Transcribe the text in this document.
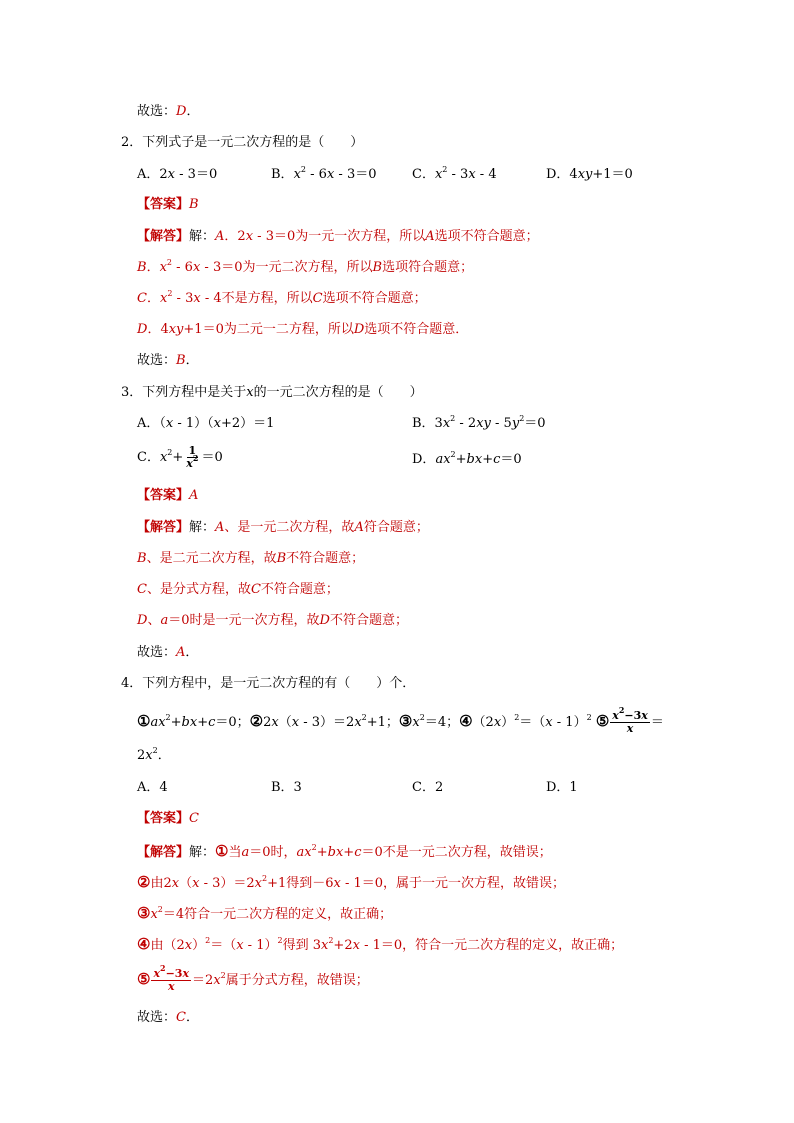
故选：D．
2．下列式子是一元二次方程的是（　　）
A．2x - 3＝0	B．$x^2 - 6x - 3=0$	C．$x^2 - 3x - 4$	D．4xy+1＝0
【答案】B
【解答】解：A．2x - 3＝0为一元一次方程，所以A选项不符合题意；
B．$x^2 - 6x - 3=0$为一元二次方程，所以B选项符合题意；
C．$x^2 - 3x - 4$不是方程，所以C选项不符合题意；
D．4xy+1＝0为二元一二方程，所以D选项不符合题意．
故选：B．
3．下列方程中是关于x的一元二次方程的是（　　）
A．（x - 1）（x+2）＝1	B．$3x^2 - 2xy - 5y^2=0$
C．$x^2+ \frac{1}{x^2} =0$	D．$ax^2+bx+c=0$
【答案】A
【解答】解：A、是一元二次方程，故A符合题意；
B、是二元二次方程，故B不符合题意；
C、是分式方程，故C不符合题意；
D、a＝0时是一元一次方程，故D不符合题意；
故选：A．
4．下列方程中，是一元二次方程的有（　　）个．
$①ax^2+bx+c=0$；②2x（x - $3)=2x^2+1$；$③x^2=4$；$④(2x)^2=(x - 1)^2$ ⑤ $\frac{x^2-3x}{x}$ ＝
$2x^2$．
A．4	B．3	C．2	D．1
【答案】C
【解答】解：①当a＝0时，$ax^2+bx+c=0$不是一元二次方程，故错误；
②由$2x(x - 3)=2x^2+1$得到－6x - 1＝0，属于一元一次方程，故错误；
$③x^2=4$符合一元二次方程的定义，故正确；
④由$(2x)^2=(x - 1)^2$得到 $3x^2+2x - 1=0$，符合一元二次方程的定义，故正确；
⑤ $\frac{x^2-3x}{x} =2x^2$属于分式方程，故错误；
故选：C．
